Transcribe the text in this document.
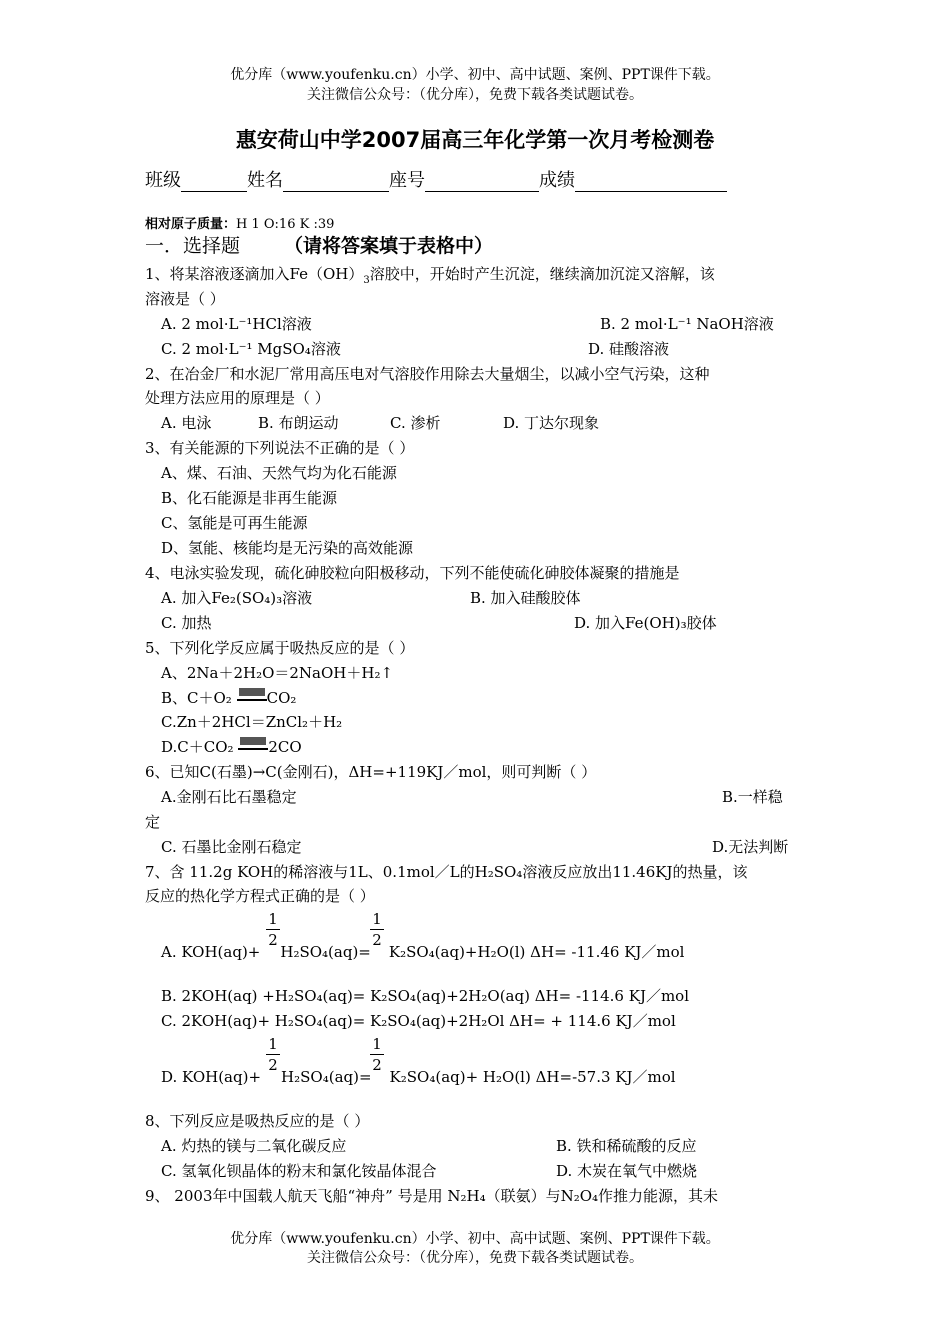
优分库（www.youfenku.cn）小学、初中、高中试题、案例、PPT课件下载。
关注微信公众号：（优分库），免费下载各类试题试卷。
惠安荷山中学2007届高三年化学第一次月考检测卷
班级	姓名	座号	成绩
相对原子质量：H 1 O:16 K :39
一．选择题 （请将答案填于表格中）
1、将某溶液逐滴加入$Fe(OH)_3$溶胶中，开始时产生沉淀，继续滴加沉淀又溶解，该
溶液是（ ）
A. 2 mol·L⁻¹HCl溶液	B. 2 mol·L⁻¹ NaOH溶液
C. 2 mol·L⁻¹ MgSO₄溶液	D. 硅酸溶液
2、在冶金厂和水泥厂常用高压电对气溶胶作用除去大量烟尘，以减小空气污染，这种
处理方法应用的原理是（ ）
A. 电泳	B. 布朗运动	C. 渗析	D. 丁达尔现象
3、有关能源的下列说法不正确的是（ ）
A、煤、石油、天然气均为化石能源
B、化石能源是非再生能源
C、氢能是可再生能源
D、氢能、核能均是无污染的高效能源
4、电泳实验发现，硫化砷胶粒向阳极移动，下列不能使硫化砷胶体凝聚的措施是
A. 加入Fe₂(SO₄)₃溶液	B. 加入硅酸胶体
C. 加热	D. 加入Fe(OH)₃胶体
5、下列化学反应属于吸热反应的是（ ）
A、2Na＋2H₂O＝2NaOH＋H₂↑
B、C＋O₂ CO₂
C.Zn＋2HCl＝ZnCl₂＋H₂
D.C＋CO₂ 2CO
6、已知C(石墨)→C(金刚石)，ΔH=+119KJ／mol，则可判断（ ）
A.金刚石比石墨稳定	B.一样稳
定
C. 石墨比金刚石稳定	D.无法判断
7、含 11.2g KOH的稀溶液与1L、0.1mol／L的H₂SO₄溶液反应放出11.46KJ的热量，该
反应的热化学方程式正确的是（ ）
1
2
1
2
A. KOH(aq)+ H₂SO₄(aq)= K₂SO₄(aq)+H₂O(l) ΔH= -11.46 KJ／mol
B. 2KOH(aq) +H₂SO₄(aq)= K₂SO₄(aq)+2H₂O(aq) ΔH= -114.6 KJ／mol
C. 2KOH(aq)+ H₂SO₄(aq)= K₂SO₄(aq)+2H₂Ol ΔH= + 114.6 KJ／mol
1
2
1
2
D. KOH(aq)+ H₂SO₄(aq)= K₂SO₄(aq)+ H₂O(l) ΔH=-57.3 KJ／mol
8、下列反应是吸热反应的是（ ）
A. 灼热的镁与二氧化碳反应	B. 铁和稀硫酸的反应
C. 氢氧化钡晶体的粉末和氯化铵晶体混合	D. 木炭在氧气中燃烧
9、 2003年中国载人航天飞船“神舟” 号是用 N₂H₄（联氨）与N₂O₄作推力能源，其未
优分库（www.youfenku.cn）小学、初中、高中试题、案例、PPT课件下载。
关注微信公众号：（优分库），免费下载各类试题试卷。
